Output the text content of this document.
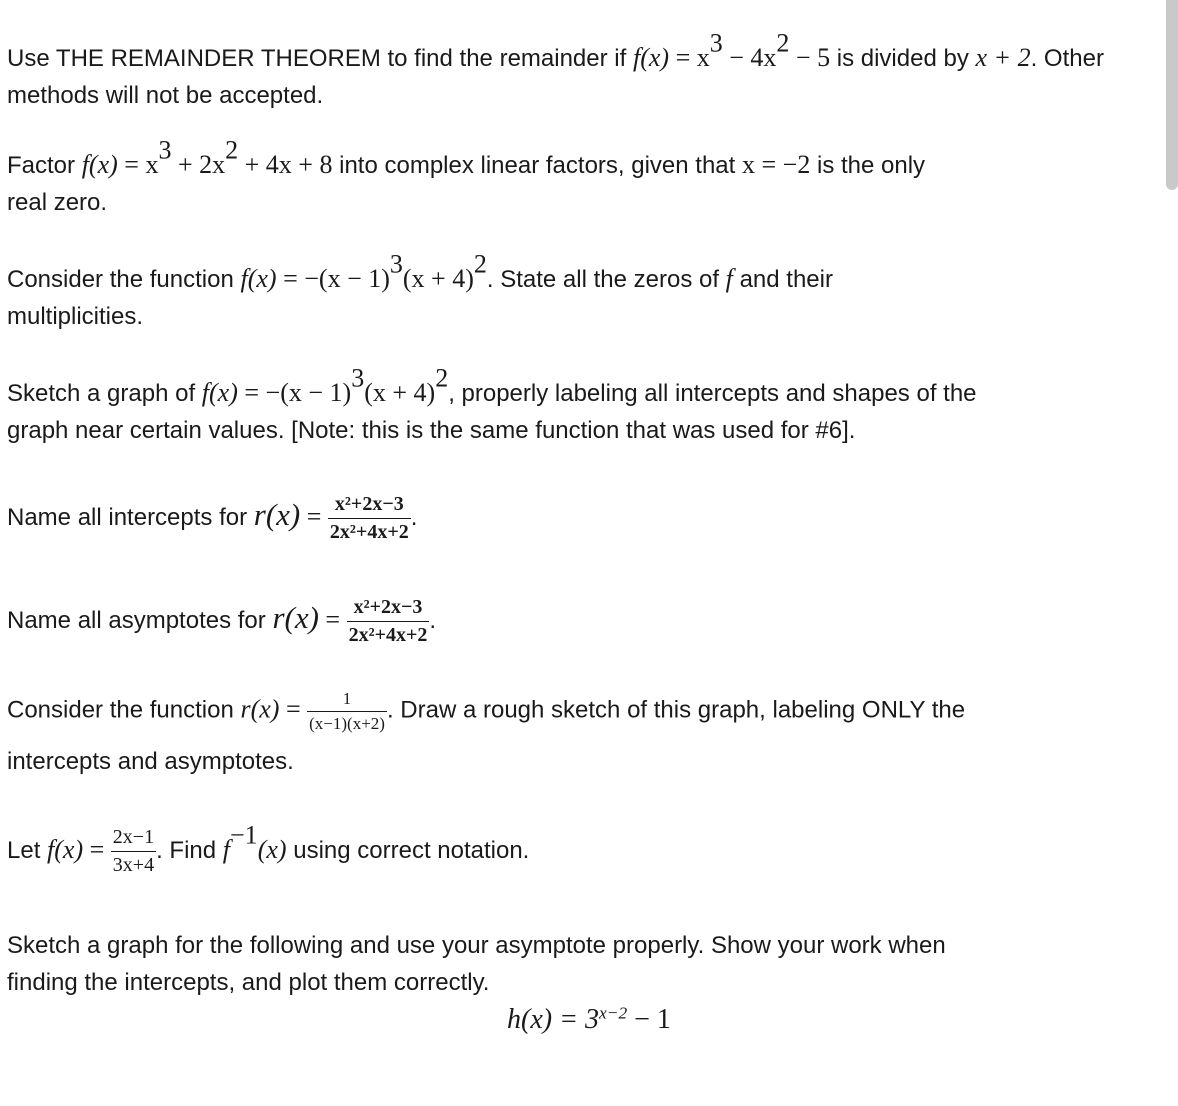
Use THE REMAINDER THEOREM to find the remainder if $f(x) = x^3 - 4x^2 - 5$ is divided by x + 2. Other
methods will not be accepted.
Factor $f(x) = x^3 + 2x^2 + 4x + 8$ into complex linear factors, given that x = −2 is the only
real zero.
Consider the function $f(x) = -(x - 1)^3(x + 4)^2$. State all the zeros of f and their
multiplicities.
Sketch a graph of $f(x) = -(x - 1)^3(x + 4)^2$, properly labeling all intercepts and shapes of the
graph near certain values. [Note: this is the same function that was used for #6].
Name all intercepts for $r(x) = \frac{\text{x²+2x−3}}{\text{2x²+4x+2}}$ .
Name all asymptotes for $r(x) = \frac{\text{x²+2x−3}}{\text{2x²+4x+2}}$ .
Consider the function $r(x) = \frac{1}{(x-1)(x+2)}$ . Draw a rough sketch of this graph, labeling ONLY the
intercepts and asymptotes.
Let $f(x) = \frac{2x-1}{3x+4}$ . Find $f^{-1}(x)$ using correct notation.
Sketch a graph for the following and use your asymptote properly. Show your work when
finding the intercepts, and plot them correctly.
$h(x) = 3^{x-2} - 1$
